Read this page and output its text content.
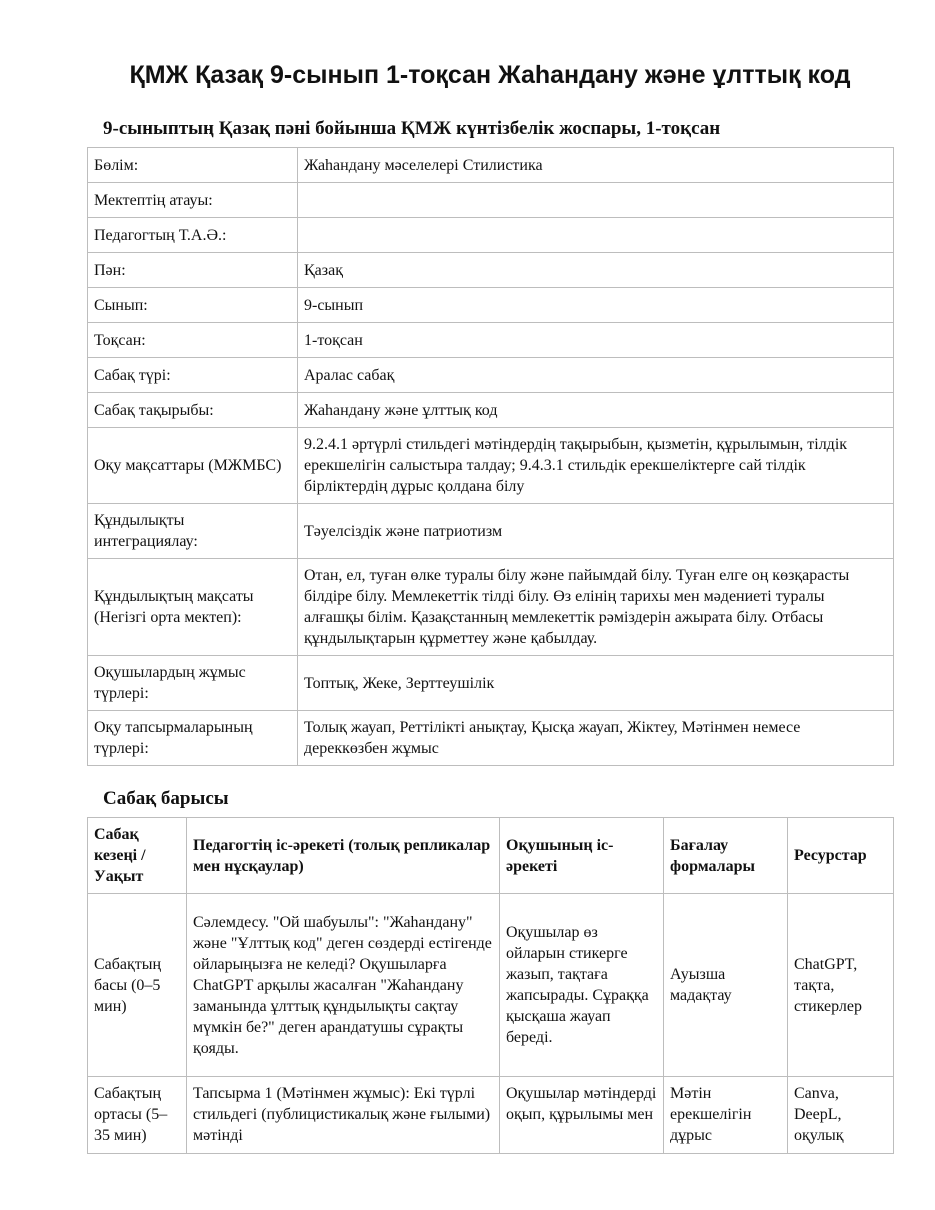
ҚМЖ Қазақ 9-сынып 1-тоқсан Жаһандану және ұлттық код
9-сыныптың Қазақ пәні бойынша ҚМЖ күнтізбелік жоспары, 1-тоқсан
Бөлім:	Жаһандану мәселелері Стилистика
Мектептің атауы:	
Педагогтың Т.А.Ә.:	
Пән:	Қазақ
Сынып:	9-сынып
Тоқсан:	1-тоқсан
Сабақ түрі:	Аралас сабақ
Сабақ тақырыбы:	Жаһандану және ұлттық код
Оқу мақсаттары (МЖМБС)	9.2.4.1 әртүрлі стильдегі мәтіндердің тақырыбын, қызметін, құрылымын, тілдік ерекшелігін салыстыра талдау; 9.4.3.1 стильдік ерекшеліктерге сай тілдік бірліктердің дұрыс қолдана білу
Құндылықты интеграциялау:	Тәуелсіздік және патриотизм
Құндылықтың мақсаты (Негізгі орта мектеп):	Отан, ел, туған өлке туралы білу және пайымдай білу. Туған елге оң көзқарасты білдіре білу. Мемлекеттік тілді білу. Өз елінің тарихы мен мәдениеті туралы алғашқы білім. Қазақстанның мемлекеттік рәміздерін ажырата білу. Отбасы құндылықтарын құрметтеу және қабылдау.
Оқушылардың жұмыс түрлері:	Топтық, Жеке, Зерттеушілік
Оқу тапсырмаларының түрлері:	Толық жауап, Реттілікті анықтау, Қысқа жауап, Жіктеу, Мәтінмен немесе дереккөзбен жұмыс
Сабақ барысы
Сабақ кезеңі / Уақыт	Педагогтің іс-әрекеті (толық репликалар мен нұсқаулар)	Оқушының іс-әрекеті	Бағалау формалары	Ресурстар
Сабақтың басы (0–5 мин)	Сәлемдесу. "Ой шабуылы": "Жаһандану" және "Ұлттық код" деген сөздерді естігенде ойларыңызға не келеді? Оқушыларға ChatGPT арқылы жасалған "Жаһандану заманында ұлттық құндылықты сақтау мүмкін бе?" деген арандатушы сұрақты қояды.	Оқушылар өз ойларын стикерге жазып, тақтаға жапсырады. Сұраққа қысқаша жауап береді.	Ауызша мадақтау	ChatGPT, тақта, стикерлер
Сабақтың ортасы (5–35 мин)	Тапсырма 1 (Мәтінмен жұмыс): Екі түрлі стильдегі (публицистикалық және ғылыми) мәтінді	Оқушылар мәтіндерді оқып, құрылымы мен	Мәтін ерекшелігін дұрыс	Canva, DeepL, оқулық
